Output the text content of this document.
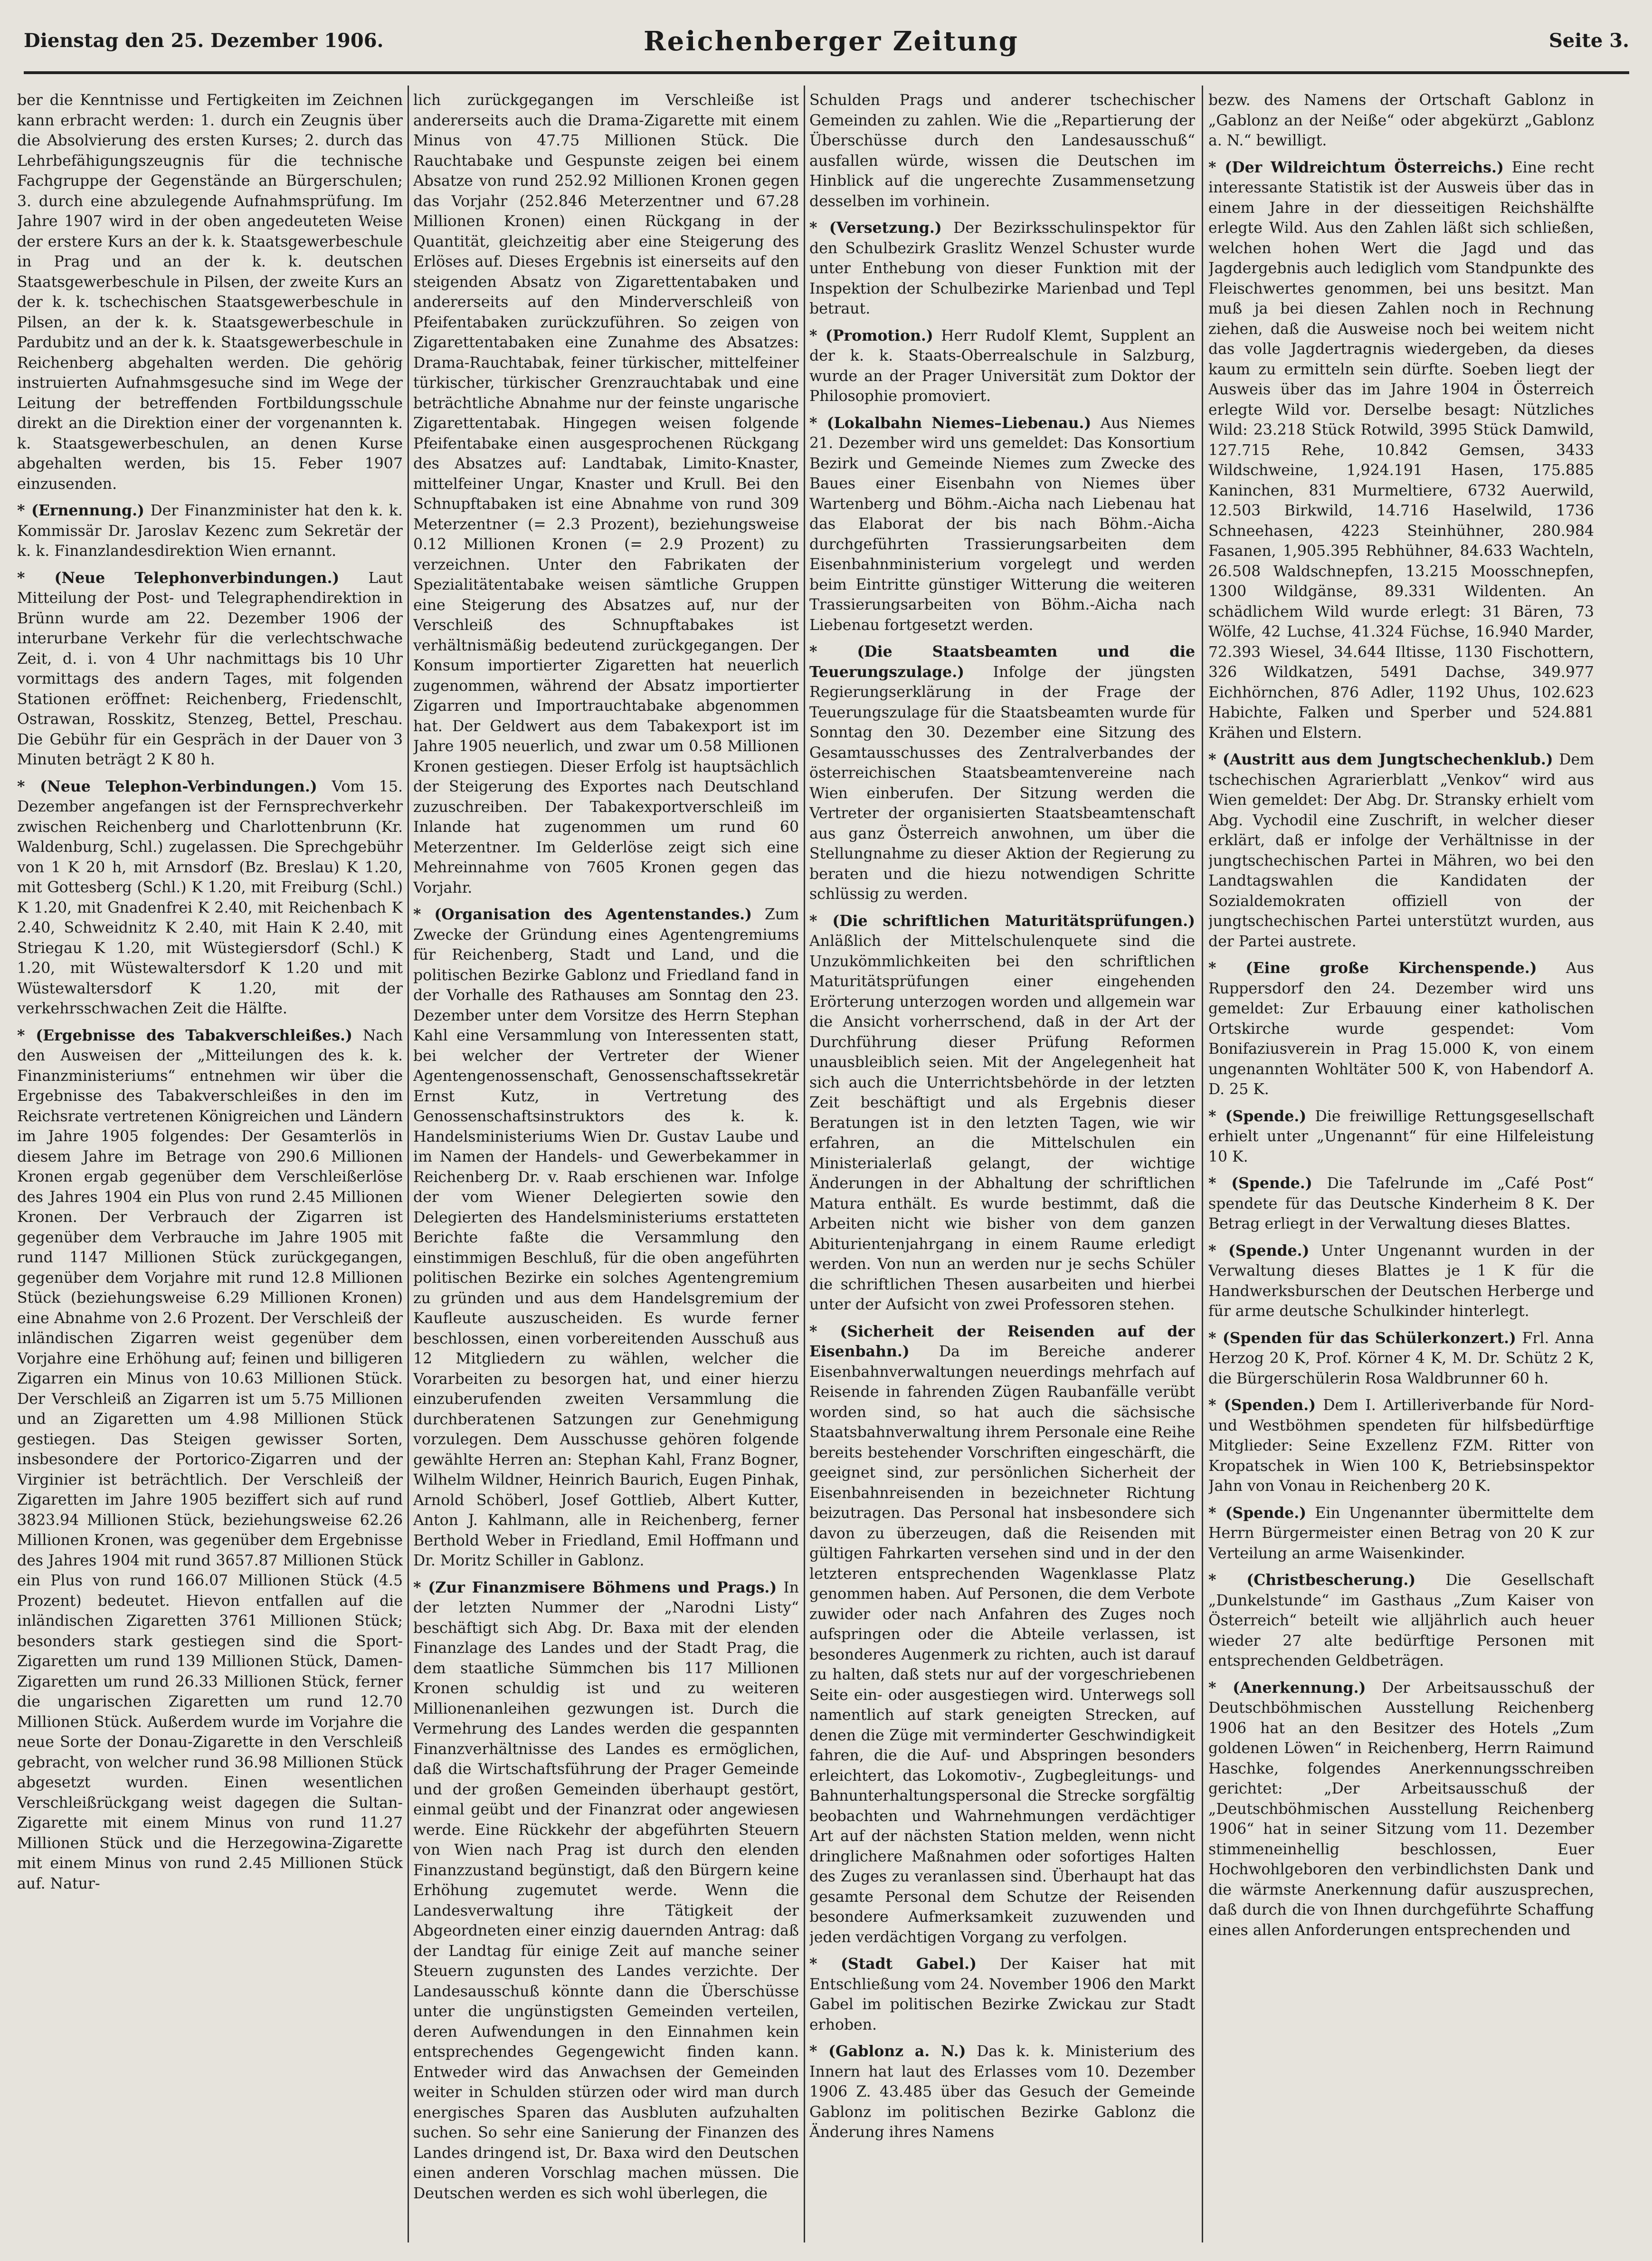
Dienstag den 25. Dezember 1906.	Reichenberger Zeitung	Seite 3.

ber die Kenntnisse und Fertigkeiten im Zeichnen kann erbracht werden: 1. durch ein Zeugnis über die Absolvierung des ersten Kurses; 2. durch das Lehrbefähigungszeugnis für die technische Fachgruppe der Gegenstände an Bürgerschulen; 3. durch eine abzulegende Aufnahmsprüfung. Im Jahre 1907 wird in der oben angedeuteten Weise der erstere Kurs an der k. k. Staatsgewerbeschule in Prag und an der k. k. deutschen Staatsgewerbeschule in Pilsen, der zweite Kurs an der k. k. tschechischen Staatsgewerbeschule in Pilsen, an der k. k. Staatsgewerbeschule in Pardubitz und an der k. k. Staatsgewerbeschule in Reichenberg abgehalten werden. Die gehörig instruierten Aufnahmsgesuche sind im Wege der Leitung der betreffenden Fortbildungsschule direkt an die Direktion einer der vorgenannten k. k. Staatsgewerbeschulen, an denen Kurse abgehalten werden, bis 15. Feber 1907 einzusenden.

* (Ernennung.) Der Finanzminister hat den k. k. Kommissär Dr. Jaroslav Kezenc zum Sekretär der k. k. Finanzlandesdirektion Wien ernannt.

* (Neue Telephonverbindungen.) Laut Mitteilung der Post- und Telegraphendirektion in Brünn wurde am 22. Dezember 1906 der interurbane Verkehr für die verlechtschwache Zeit, d. i. von 4 Uhr nachmittags bis 10 Uhr vormittags des andern Tages, mit folgenden Stationen eröffnet: Reichenberg, Friedenschlt, Ostrawan, Rosskitz, Stenzeg, Bettel, Preschau. Die Gebühr für ein Gespräch in der Dauer von 3 Minuten beträgt 2 K 80 h.

* (Neue Telephon-Verbindungen.) Vom 15. Dezember angefangen ist der Fernsprechverkehr zwischen Reichenberg und Charlottenbrunn (Kr. Waldenburg, Schl.) zugelassen. Die Sprechgebühr von 1 K 20 h, mit Arnsdorf (Bz. Breslau) K 1.20, mit Gottesberg (Schl.) K 1.20, mit Freiburg (Schl.) K 1.20, mit Gnadenfrei K 2.40, mit Reichenbach K 2.40, Schweidnitz K 2.40, mit Hain K 2.40, mit Striegau K 1.20, mit Wüstegiersdorf (Schl.) K 1.20, mit Wüstewaltersdorf K 1.20 und mit Wüstewaltersdorf K 1.20, mit der verkehrsschwachen Zeit die Hälfte.

* (Ergebnisse des Tabakverschleißes.) Nach den Ausweisen der „Mitteilungen des k. k. Finanzministeriums“ entnehmen wir über die Ergebnisse des Tabakverschleißes in den im Reichsrate vertretenen Königreichen und Ländern im Jahre 1905 folgendes: Der Gesamterlös in diesem Jahre im Betrage von 290.6 Millionen Kronen ergab gegenüber dem Verschleißerlöse des Jahres 1904 ein Plus von rund 2.45 Millionen Kronen. Der Verbrauch der Zigarren ist gegenüber dem Verbrauche im Jahre 1905 mit rund 1147 Millionen Stück zurückgegangen, gegenüber dem Vorjahre mit rund 12.8 Millionen Stück (beziehungsweise 6.29 Millionen Kronen) eine Abnahme von 2.6 Prozent. Der Verschleiß der inländischen Zigarren weist gegenüber dem Vorjahre eine Erhöhung auf; feinen und billigeren Zigarren ein Minus von 10.63 Millionen Stück. Der Verschleiß an Zigarren ist um 5.75 Millionen und an Zigaretten um 4.98 Millionen Stück gestiegen. Das Steigen gewisser Sorten, insbesondere der Portorico-Zigarren und der Virginier ist beträchtlich. Der Verschleiß der Zigaretten im Jahre 1905 beziffert sich auf rund 3823.94 Millionen Stück, beziehungsweise 62.26 Millionen Kronen, was gegenüber dem Ergebnisse des Jahres 1904 mit rund 3657.87 Millionen Stück ein Plus von rund 166.07 Millionen Stück (4.5 Prozent) bedeutet. Hievon entfallen auf die inländischen Zigaretten 3761 Millionen Stück; besonders stark gestiegen sind die Sport-Zigaretten um rund 139 Millionen Stück, Damen-Zigaretten um rund 26.33 Millionen Stück, ferner die ungarischen Zigaretten um rund 12.70 Millionen Stück. Außerdem wurde im Vorjahre die neue Sorte der Donau-Zigarette in den Verschleiß gebracht, von welcher rund 36.98 Millionen Stück abgesetzt wurden. Einen wesentlichen Verschleißrückgang weist dagegen die Sultan-Zigarette mit einem Minus von rund 11.27 Millionen Stück und die Herzegowina-Zigarette mit einem Minus von rund 2.45 Millionen Stück auf. Natur-

lich zurückgegangen im Verschleiße ist andererseits auch die Drama-Zigarette mit einem Minus von 47.75 Millionen Stück. Die Rauchtabake und Gespunste zeigen bei einem Absatze von rund 252.92 Millionen Kronen gegen das Vorjahr (252.846 Meterzentner und 67.28 Millionen Kronen) einen Rückgang in der Quantität, gleichzeitig aber eine Steigerung des Erlöses auf. Dieses Ergebnis ist einerseits auf den steigenden Absatz von Zigarettentabaken und andererseits auf den Minderverschleiß von Pfeifentabaken zurückzuführen. So zeigen von Zigarettentabaken eine Zunahme des Absatzes: Drama-Rauchtabak, feiner türkischer, mittelfeiner türkischer, türkischer Grenzrauchtabak und eine beträchtliche Abnahme nur der feinste ungarische Zigarettentabak. Hingegen weisen folgende Pfeifentabake einen ausgesprochenen Rückgang des Absatzes auf: Landtabak, Limito-Knaster, mittelfeiner Ungar, Knaster und Krull. Bei den Schnupftabaken ist eine Abnahme von rund 309 Meterzentner (= 2.3 Prozent), beziehungsweise 0.12 Millionen Kronen (= 2.9 Prozent) zu verzeichnen. Unter den Fabrikaten der Spezialitätentabake weisen sämtliche Gruppen eine Steigerung des Absatzes auf, nur der Verschleiß des Schnupftabakes ist verhältnismäßig bedeutend zurückgegangen. Der Konsum importierter Zigaretten hat neuerlich zugenommen, während der Absatz importierter Zigarren und Importrauchtabake abgenommen hat. Der Geldwert aus dem Tabakexport ist im Jahre 1905 neuerlich, und zwar um 0.58 Millionen Kronen gestiegen. Dieser Erfolg ist hauptsächlich der Steigerung des Exportes nach Deutschland zuzuschreiben. Der Tabakexportverschleiß im Inlande hat zugenommen um rund 60 Meterzentner. Im Gelderlöse zeigt sich eine Mehreinnahme von 7605 Kronen gegen das Vorjahr.

* (Organisation des Agentenstandes.) Zum Zwecke der Gründung eines Agentengremiums für Reichenberg, Stadt und Land, und die politischen Bezirke Gablonz und Friedland fand in der Vorhalle des Rathauses am Sonntag den 23. Dezember unter dem Vorsitze des Herrn Stephan Kahl eine Versammlung von Interessenten statt, bei welcher der Vertreter der Wiener Agentengenossenschaft, Genossenschaftssekretär Ernst Kutz, in Vertretung des Genossenschaftsinstruktors des k. k. Handelsministeriums Wien Dr. Gustav Laube und im Namen der Handels- und Gewerbekammer in Reichenberg Dr. v. Raab erschienen war. Infolge der vom Wiener Delegierten sowie den Delegierten des Handelsministeriums erstatteten Berichte faßte die Versammlung den einstimmigen Beschluß, für die oben angeführten politischen Bezirke ein solches Agentengremium zu gründen und aus dem Handelsgremium der Kaufleute auszuscheiden. Es wurde ferner beschlossen, einen vorbereitenden Ausschuß aus 12 Mitgliedern zu wählen, welcher die Vorarbeiten zu besorgen hat, und einer hierzu einzuberufenden zweiten Versammlung die durchberatenen Satzungen zur Genehmigung vorzulegen. Dem Ausschusse gehören folgende gewählte Herren an: Stephan Kahl, Franz Bogner, Wilhelm Wildner, Heinrich Baurich, Eugen Pinhak, Arnold Schöberl, Josef Gottlieb, Albert Kutter, Anton J. Kahlmann, alle in Reichenberg, ferner Berthold Weber in Friedland, Emil Hoffmann und Dr. Moritz Schiller in Gablonz.

* (Zur Finanzmisere Böhmens und Prags.) In der letzten Nummer der „Narodni Listy“ beschäftigt sich Abg. Dr. Baxa mit der elenden Finanzlage des Landes und der Stadt Prag, die dem staatliche Sümmchen bis 117 Millionen Kronen schuldig ist und zu weiteren Millionenanleihen gezwungen ist. Durch die Vermehrung des Landes werden die gespannten Finanzverhältnisse des Landes es ermöglichen, daß die Wirtschaftsführung der Prager Gemeinde und der großen Gemeinden überhaupt gestört, einmal geübt und der Finanzrat oder angewiesen werde. Eine Rückkehr der abgeführten Steuern von Wien nach Prag ist durch den elenden Finanzzustand begünstigt, daß den Bürgern keine Erhöhung zugemutet werde. Wenn die Landesverwaltung ihre Tätigkeit der Abgeordneten einer einzig dauernden Antrag: daß der Landtag für einige Zeit auf manche seiner Steuern zugunsten des Landes verzichte. Der Landesausschuß könnte dann die Überschüsse unter die ungünstigsten Gemeinden verteilen, deren Aufwendungen in den Einnahmen kein entsprechendes Gegengewicht finden kann. Entweder wird das Anwachsen der Gemeinden weiter in Schulden stürzen oder wird man durch energisches Sparen das Ausbluten aufzuhalten suchen. So sehr eine Sanierung der Finanzen des Landes dringend ist, Dr. Baxa wird den Deutschen einen anderen Vorschlag machen müssen. Die Deutschen werden es sich wohl überlegen, die

Schulden Prags und anderer tschechischer Gemeinden zu zahlen. Wie die „Repartierung der Überschüsse durch den Landesausschuß“ ausfallen würde, wissen die Deutschen im Hinblick auf die ungerechte Zusammensetzung desselben im vorhinein.

* (Versetzung.) Der Bezirksschulinspektor für den Schulbezirk Graslitz Wenzel Schuster wurde unter Enthebung von dieser Funktion mit der Inspektion der Schulbezirke Marienbad und Tepl betraut.

* (Promotion.) Herr Rudolf Klemt, Supplent an der k. k. Staats-Oberrealschule in Salzburg, wurde an der Prager Universität zum Doktor der Philosophie promoviert.

* (Lokalbahn Niemes–Liebenau.) Aus Niemes 21. Dezember wird uns gemeldet: Das Konsortium Bezirk und Gemeinde Niemes zum Zwecke des Baues einer Eisenbahn von Niemes über Wartenberg und Böhm.-Aicha nach Liebenau hat das Elaborat der bis nach Böhm.-Aicha durchgeführten Trassierungsarbeiten dem Eisenbahnministerium vorgelegt und werden beim Eintritte günstiger Witterung die weiteren Trassierungsarbeiten von Böhm.-Aicha nach Liebenau fortgesetzt werden.

* (Die Staatsbeamten und die Teuerungszulage.) Infolge der jüngsten Regierungserklärung in der Frage der Teuerungszulage für die Staatsbeamten wurde für Sonntag den 30. Dezember eine Sitzung des Gesamtausschusses des Zentralverbandes der österreichischen Staatsbeamtenvereine nach Wien einberufen. Der Sitzung werden die Vertreter der organisierten Staatsbeamtenschaft aus ganz Österreich anwohnen, um über die Stellungnahme zu dieser Aktion der Regierung zu beraten und die hiezu notwendigen Schritte schlüssig zu werden.

* (Die schriftlichen Maturitätsprüfungen.) Anläßlich der Mittelschulenquete sind die Unzukömmlichkeiten bei den schriftlichen Maturitätsprüfungen einer eingehenden Erörterung unterzogen worden und allgemein war die Ansicht vorherrschend, daß in der Art der Durchführung dieser Prüfung Reformen unausbleiblich seien. Mit der Angelegenheit hat sich auch die Unterrichtsbehörde in der letzten Zeit beschäftigt und als Ergebnis dieser Beratungen ist in den letzten Tagen, wie wir erfahren, an die Mittelschulen ein Ministerialerlaß gelangt, der wichtige Änderungen in der Abhaltung der schriftlichen Matura enthält. Es wurde bestimmt, daß die Arbeiten nicht wie bisher von dem ganzen Abiturientenjahrgang in einem Raume erledigt werden. Von nun an werden nur je sechs Schüler die schriftlichen Thesen ausarbeiten und hierbei unter der Aufsicht von zwei Professoren stehen.

* (Sicherheit der Reisenden auf der Eisenbahn.) Da im Bereiche anderer Eisenbahnverwaltungen neuerdings mehrfach auf Reisende in fahrenden Zügen Raubanfälle verübt worden sind, so hat auch die sächsische Staatsbahnverwaltung ihrem Personale eine Reihe bereits bestehender Vorschriften eingeschärft, die geeignet sind, zur persönlichen Sicherheit der Eisenbahnreisenden in bezeichneter Richtung beizutragen. Das Personal hat insbesondere sich davon zu überzeugen, daß die Reisenden mit gültigen Fahrkarten versehen sind und in der den letzteren entsprechenden Wagenklasse Platz genommen haben. Auf Personen, die dem Verbote zuwider oder nach Anfahren des Zuges noch aufspringen oder die Abteile verlassen, ist besonderes Augenmerk zu richten, auch ist darauf zu halten, daß stets nur auf der vorgeschriebenen Seite ein- oder ausgestiegen wird. Unterwegs soll namentlich auf stark geneigten Strecken, auf denen die Züge mit verminderter Geschwindigkeit fahren, die die Auf- und Abspringen besonders erleichtert, das Lokomotiv-, Zugbegleitungs- und Bahnunterhaltungspersonal die Strecke sorgfältig beobachten und Wahrnehmungen verdächtiger Art auf der nächsten Station melden, wenn nicht dringlichere Maßnahmen oder sofortiges Halten des Zuges zu veranlassen sind. Überhaupt hat das gesamte Personal dem Schutze der Reisenden besondere Aufmerksamkeit zuzuwenden und jeden verdächtigen Vorgang zu verfolgen.

* (Stadt Gabel.) Der Kaiser hat mit Entschließung vom 24. November 1906 den Markt Gabel im politischen Bezirke Zwickau zur Stadt erhoben.

* (Gablonz a. N.) Das k. k. Ministerium des Innern hat laut des Erlasses vom 10. Dezember 1906 Z. 43.485 über das Gesuch der Gemeinde Gablonz im politischen Bezirke Gablonz die Änderung ihres Namens

bezw. des Namens der Ortschaft Gablonz in „Gablonz an der Neiße“ oder abgekürzt „Gablonz a. N.“ bewilligt.

* (Der Wildreichtum Österreichs.) Eine recht interessante Statistik ist der Ausweis über das in einem Jahre in der diesseitigen Reichshälfte erlegte Wild. Aus den Zahlen läßt sich schließen, welchen hohen Wert die Jagd und das Jagdergebnis auch lediglich vom Standpunkte des Fleischwertes genommen, bei uns besitzt. Man muß ja bei diesen Zahlen noch in Rechnung ziehen, daß die Ausweise noch bei weitem nicht das volle Jagdertragnis wiedergeben, da dieses kaum zu ermitteln sein dürfte. Soeben liegt der Ausweis über das im Jahre 1904 in Österreich erlegte Wild vor. Derselbe besagt: Nützliches Wild: 23.218 Stück Rotwild, 3995 Stück Damwild, 127.715 Rehe, 10.842 Gemsen, 3433 Wildschweine, 1,924.191 Hasen, 175.885 Kaninchen, 831 Murmeltiere, 6732 Auerwild, 12.503 Birkwild, 14.716 Haselwild, 1736 Schneehasen, 4223 Steinhühner, 280.984 Fasanen, 1,905.395 Rebhühner, 84.633 Wachteln, 26.508 Waldschnepfen, 13.215 Moosschnepfen, 1300 Wildgänse, 89.331 Wildenten. An schädlichem Wild wurde erlegt: 31 Bären, 73 Wölfe, 42 Luchse, 41.324 Füchse, 16.940 Marder, 72.393 Wiesel, 34.644 Iltisse, 1130 Fischottern, 326 Wildkatzen, 5491 Dachse, 349.977 Eichhörnchen, 876 Adler, 1192 Uhus, 102.623 Habichte, Falken und Sperber und 524.881 Krähen und Elstern.

* (Austritt aus dem Jungtschechenklub.) Dem tschechischen Agrarierblatt „Venkov“ wird aus Wien gemeldet: Der Abg. Dr. Stransky erhielt vom Abg. Vychodil eine Zuschrift, in welcher dieser erklärt, daß er infolge der Verhältnisse in der jungtschechischen Partei in Mähren, wo bei den Landtagswahlen die Kandidaten der Sozialdemokraten offiziell von der jungtschechischen Partei unterstützt wurden, aus der Partei austrete.

* (Eine große Kirchenspende.) Aus Ruppersdorf den 24. Dezember wird uns gemeldet: Zur Erbauung einer katholischen Ortskirche wurde gespendet: Vom Bonifaziusverein in Prag 15.000 K, von einem ungenannten Wohltäter 500 K, von Habendorf A. D. 25 K.

* (Spende.) Die freiwillige Rettungsgesellschaft erhielt unter „Ungenannt“ für eine Hilfeleistung 10 K.

* (Spende.) Die Tafelrunde im „Café Post“ spendete für das Deutsche Kinderheim 8 K. Der Betrag erliegt in der Verwaltung dieses Blattes.

* (Spende.) Unter Ungenannt wurden in der Verwaltung dieses Blattes je 1 K für die Handwerksburschen der Deutschen Herberge und für arme deutsche Schulkinder hinterlegt.

* (Spenden für das Schülerkonzert.) Frl. Anna Herzog 20 K, Prof. Körner 4 K, M. Dr. Schütz 2 K, die Bürgerschülerin Rosa Waldbrunner 60 h.

* (Spenden.) Dem I. Artilleriverbande für Nord- und Westböhmen spendeten für hilfsbedürftige Mitglieder: Seine Exzellenz FZM. Ritter von Kropatschek in Wien 100 K, Betriebsinspektor Jahn von Vonau in Reichenberg 20 K.

* (Spende.) Ein Ungenannter übermittelte dem Herrn Bürgermeister einen Betrag von 20 K zur Verteilung an arme Waisenkinder.

* (Christbescherung.) Die Gesellschaft „Dunkelstunde“ im Gasthaus „Zum Kaiser von Österreich“ beteilt wie alljährlich auch heuer wieder 27 alte bedürftige Personen mit entsprechenden Geldbeträgen.

* (Anerkennung.) Der Arbeitsausschuß der Deutschböhmischen Ausstellung Reichenberg 1906 hat an den Besitzer des Hotels „Zum goldenen Löwen“ in Reichenberg, Herrn Raimund Haschke, folgendes Anerkennungsschreiben gerichtet: „Der Arbeitsausschuß der „Deutschböhmischen Ausstellung Reichenberg 1906“ hat in seiner Sitzung vom 11. Dezember stimmeneinhellig beschlossen, Euer Hochwohlgeboren den verbindlichsten Dank und die wärmste Anerkennung dafür auszusprechen, daß durch die von Ihnen durchgeführte Schaffung eines allen Anforderungen entsprechenden und
